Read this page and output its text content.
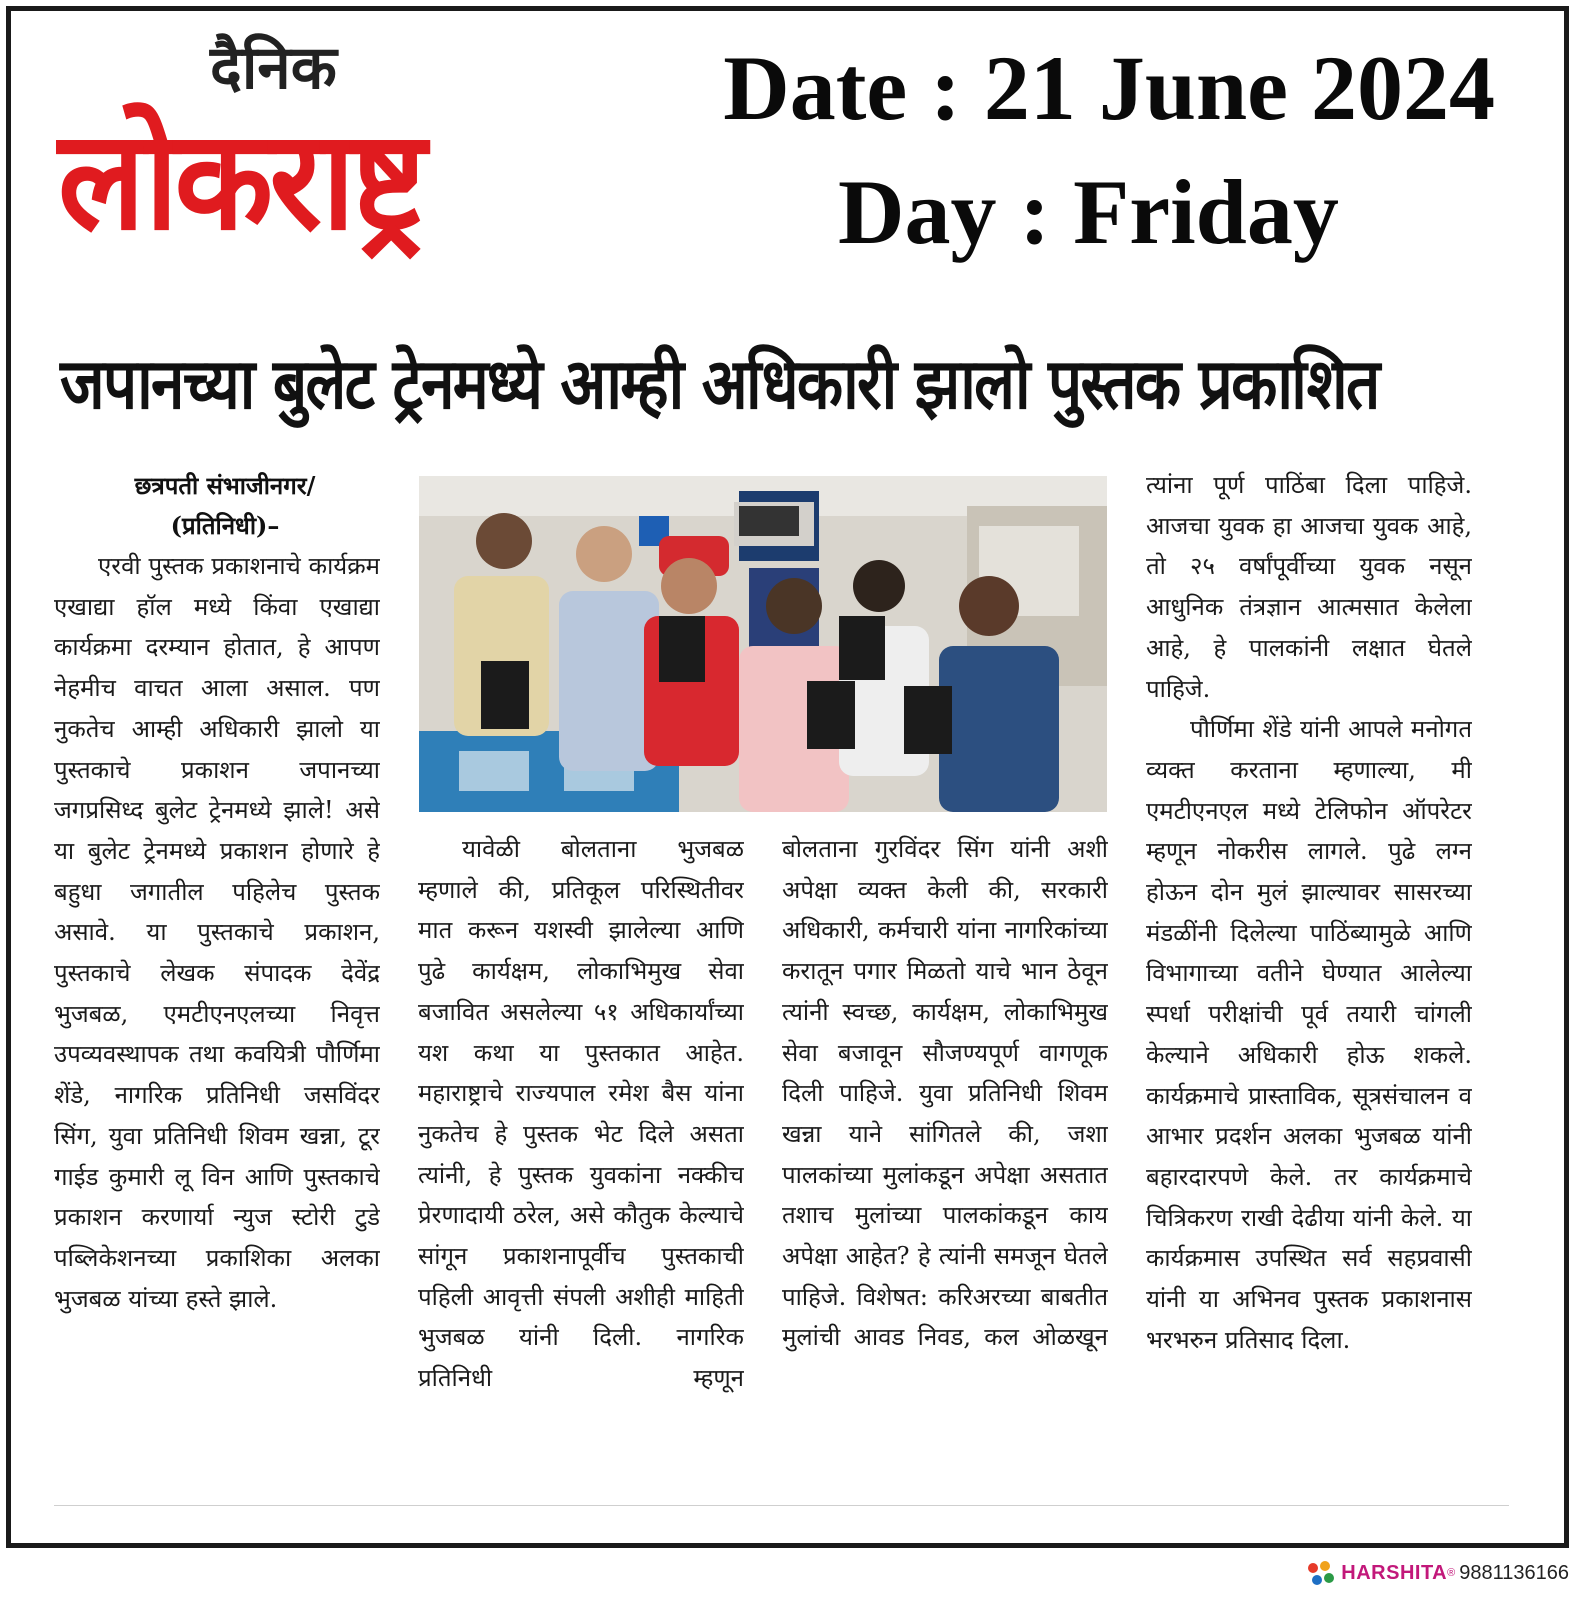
दैनिक
लोकराष्ट्र
Date : 21 June 2024
Day : Friday
जपानच्या बुलेट ट्रेनमध्ये आम्ही अधिकारी झालो पुस्तक प्रकाशित
छत्रपती संभाजीनगर/
(प्रतिनिधी)–

एरवी पुस्तक प्रकाशनाचे कार्यक्रम एखाद्या हॉल मध्ये किंवा एखाद्या कार्यक्रमा दरम्यान होतात, हे आपण नेहमीच वाचत आला असाल. पण नुकतेच आम्ही अधिकारी झालो या पुस्तकाचे प्रकाशन जपानच्या जगप्रसिध्द बुलेट ट्रेनमध्ये झाले! असे या बुलेट ट्रेनमध्ये प्रकाशन होणारे हे बहुधा जगातील पहिलेच पुस्तक असावे. या पुस्तकाचे प्रकाशन, पुस्तकाचे लेखक संपादक देवेंद्र भुजबळ, एमटीएनएलच्या निवृत्त उपव्यवस्थापक तथा कवयित्री पौर्णिमा शेंडे, नागरिक प्रतिनिधी जसविंदर सिंग, युवा प्रतिनिधी शिवम खन्ना, टूर गाईड कुमारी लू विन आणि पुस्तकाचे प्रकाशन करणार्या न्युज स्टोरी टुडे पब्लिकेशनच्या प्रकाशिका अलका भुजबळ यांच्या हस्ते झाले.

यावेळी बोलताना भुजबळ म्हणाले की, प्रतिकूल परिस्थितीवर मात करून यशस्वी झालेल्या आणि पुढे कार्यक्षम, लोकाभिमुख सेवा बजावित असलेल्या ५१ अधिकार्यांच्या यश कथा या पुस्तकात आहेत. महाराष्ट्राचे राज्यपाल रमेश बैस यांना नुकतेच हे पुस्तक भेट दिले असता त्यांनी, हे पुस्तक युवकांना नक्कीच प्रेरणादायी ठरेल, असे कौतुक केल्याचे सांगून प्रकाशनापूर्वीच पुस्तकाची पहिली आवृत्ती संपली अशीही माहिती भुजबळ यांनी दिली. नागरिक प्रतिनिधी म्हणून

बोलताना गुरविंदर सिंग यांनी अशी अपेक्षा व्यक्त केली की, सरकारी अधिकारी, कर्मचारी यांना नागरिकांच्या करातून पगार मिळतो याचे भान ठेवून त्यांनी स्वच्छ, कार्यक्षम, लोकाभिमुख सेवा बजावून सौजण्यपूर्ण वागणूक दिली पाहिजे. युवा प्रतिनिधी शिवम खन्ना याने सांगितले की, जशा पालकांच्या मुलांकडून अपेक्षा असतात तशाच मुलांच्या पालकांकडून काय अपेक्षा आहेत? हे त्यांनी समजून घेतले पाहिजे. विशेषत: करिअरच्या बाबतीत मुलांची आवड निवड, कल ओळखून

त्यांना पूर्ण पाठिंबा दिला पाहिजे. आजचा युवक हा आजचा युवक आहे, तो २५ वर्षांपूर्वीच्या युवक नसून आधुनिक तंत्रज्ञान आत्मसात केलेला आहे, हे पालकांनी लक्षात घेतले पाहिजे.

पौर्णिमा शेंडे यांनी आपले मनोगत व्यक्त करताना म्हणाल्या, मी एमटीएनएल मध्ये टेलिफोन ऑपरेटर म्हणून नोकरीस लागले. पुढे लग्न होऊन दोन मुलं झाल्यावर सासरच्या मंडळींनी दिलेल्या पाठिंब्यामुळे आणि विभागाच्या वतीने घेण्यात आलेल्या स्पर्धा परीक्षांची पूर्व तयारी चांगली केल्याने अधिकारी होऊ शकले. कार्यक्रमाचे प्रास्ताविक, सूत्रसंचालन व आभार प्रदर्शन अलका भुजबळ यांनी बहारदारपणे केले. तर कार्यक्रमाचे चित्रिकरण राखी देढीया यांनी केले. या कार्यक्रमास उपस्थित सर्व सहप्रवासी यांनी या अभिनव पुस्तक प्रकाशनास भरभरुन प्रतिसाद दिला.

HARSHITA ® 9881136166
